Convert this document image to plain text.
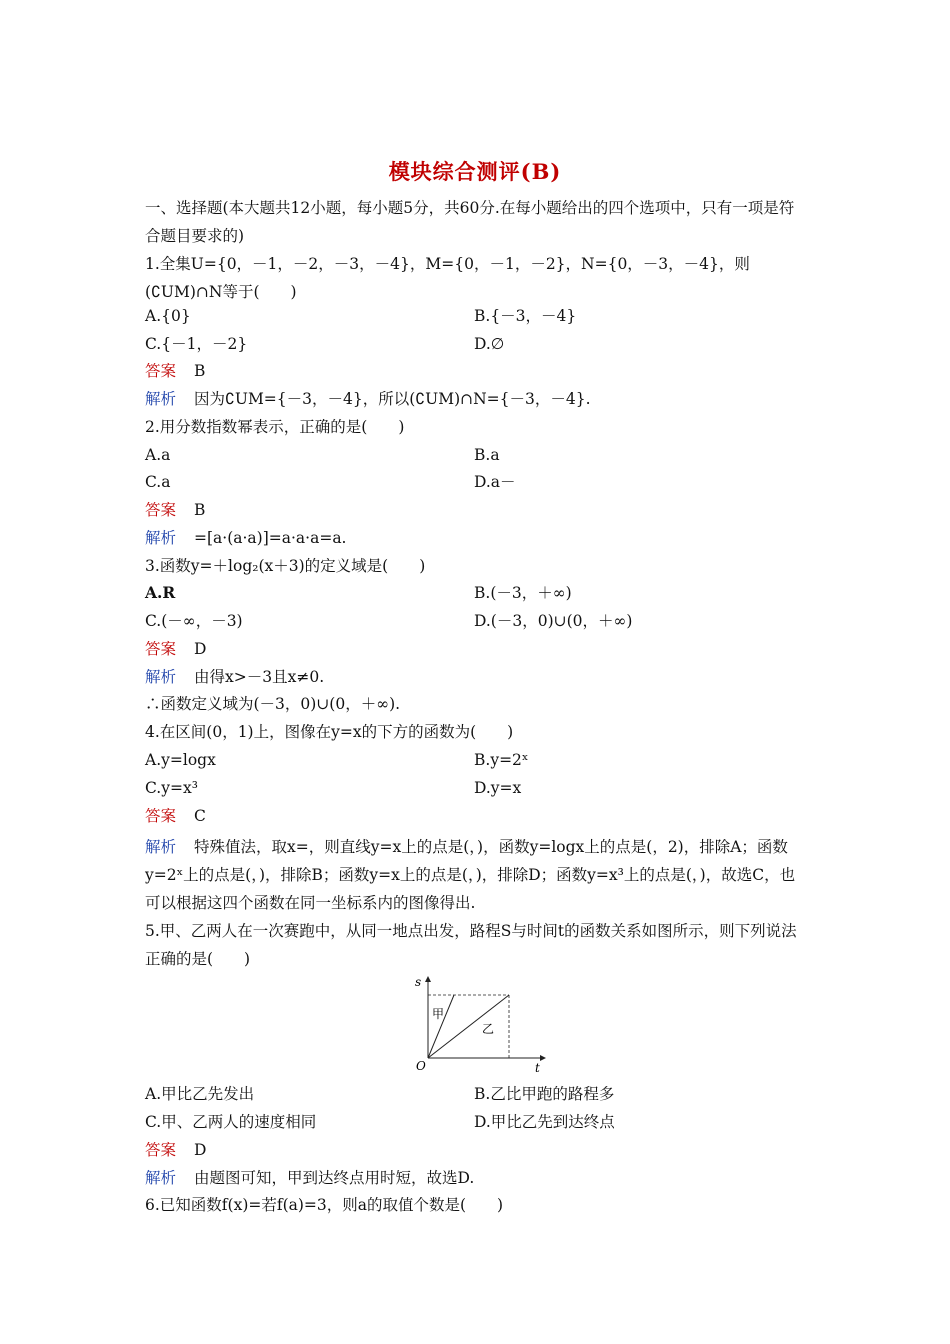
模块综合测评(B)
一、选择题(本大题共12小题，每小题5分，共60分.在每小题给出的四个选项中，只有一项是符合题目要求的)
1.全集U={0，－1，－2，－3，－4}，M={0，－1，－2}，N={0，－3，－4}，则(∁UM)∩N等于(　　)
A.{0}	B.{－3，－4}
C.{－1，－2}	D.∅
答案 B
解析 因为∁UM={－3，－4}，所以(∁UM)∩N={－3，－4}.
2.用分数指数幂表示，正确的是(　　)
A.a	B.a
C.a	D.a－
答案 B
解析 =[a·(a·a)]=a·a·a=a.
3.函数y=＋log₂(x＋3)的定义域是(　　)
A.R	B.(－3，＋∞)
C.(－∞，－3)	D.(－3，0)∪(0，＋∞)
答案 D
解析 由得x>－3且x≠0.
∴函数定义域为(－3，0)∪(0，＋∞).
4.在区间(0，1)上，图像在y=x的下方的函数为(　　)
A.y=logx	B.y=2ˣ
C.y=x³	D.y=x
答案 C
解析 特殊值法，取x=，则直线y=x上的点是(，)，函数y=logx上的点是(，2)，排除A；函数y=2ˣ上的点是(，)，排除B；函数y=x上的点是(，)，排除D；函数y=x³上的点是(，)，故选C，也可以根据这四个函数在同一坐标系内的图像得出.
5.甲、乙两人在一次赛跑中，从同一地点出发，路程S与时间t的函数关系如图所示，则下列说法正确的是(　　)
s
t
O
甲
乙
A.甲比乙先发出	B.乙比甲跑的路程多
C.甲、乙两人的速度相同	D.甲比乙先到达终点
答案 D
解析 由题图可知，甲到达终点用时短，故选D.
6.已知函数f(x)=若f(a)=3，则a的取值个数是(　　)
